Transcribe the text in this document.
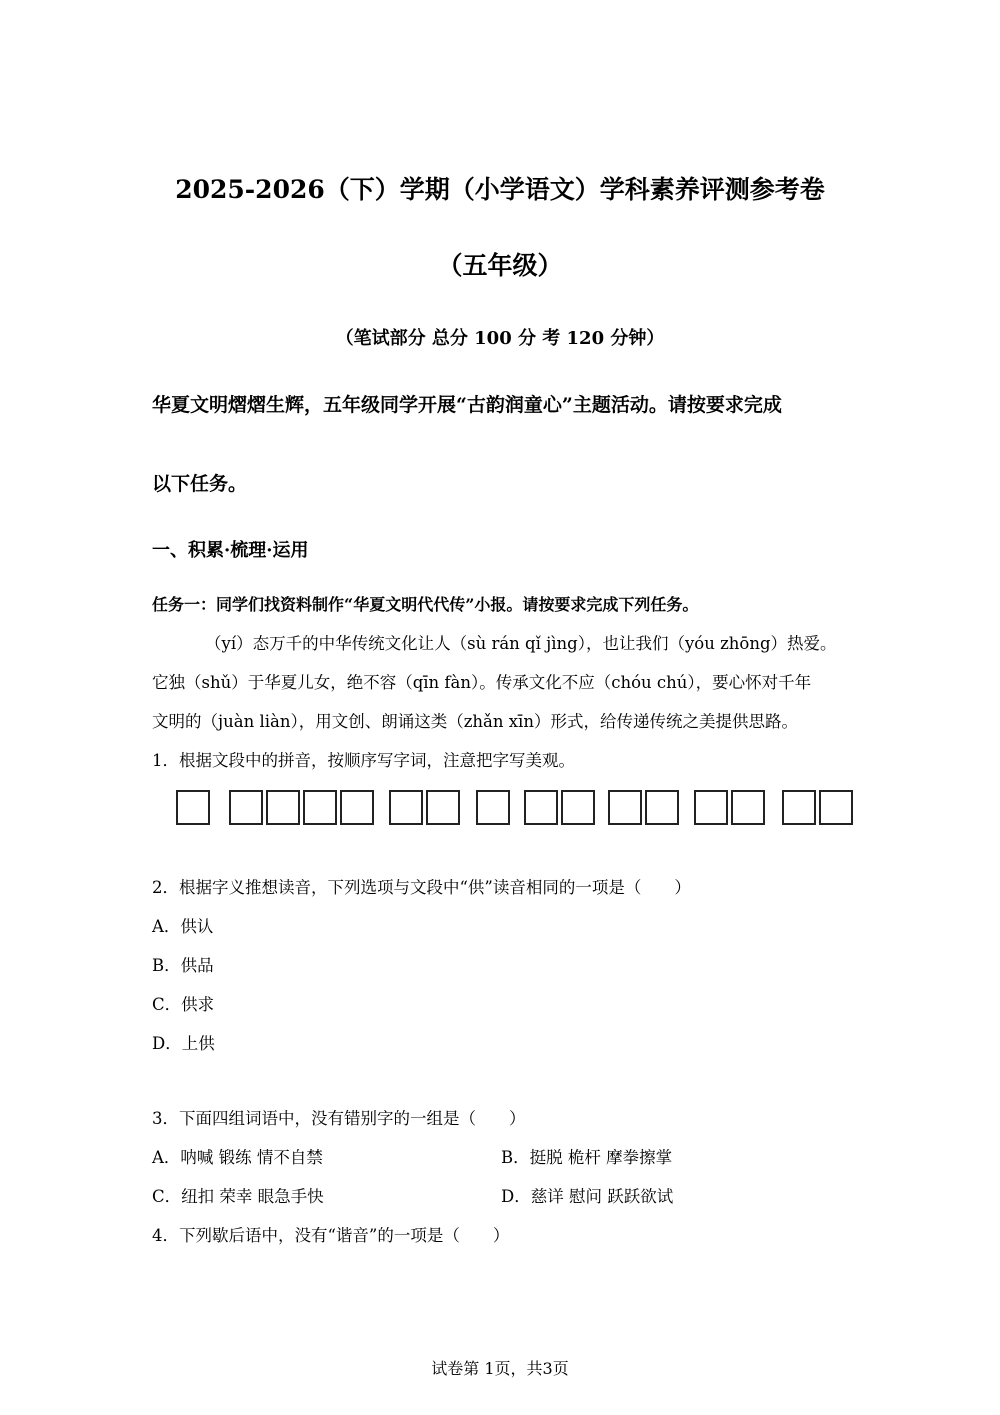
2025-2026（下）学期（小学语文）学科素养评测参考卷
（五年级）
（笔试部分 总分 100 分 考 120 分钟）
华夏文明熠熠生辉，五年级同学开展“古韵润童心”主题活动。请按要求完成
以下任务。
一、积累·梳理·运用
任务一：同学们找资料制作“华夏文明代代传”小报。请按要求完成下列任务。
（yí）态万千的中华传统文化让人（sù rán qǐ jìng），也让我们（yóu zhōng）热爱。
它独（shǔ）于华夏儿女，绝不容（qīn fàn）。传承文化不应（chóu chú），要心怀对千年
文明的（juàn liàn），用文创、朗诵这类（zhǎn xīn）形式，给传递传统之美提供思路。
1．根据文段中的拼音，按顺序写字词，注意把字写美观。
2．根据字义推想读音，下列选项与文段中“供”读音相同的一项是（　　）
A．供认
B．供品
C．供求
D．上供
3．下面四组词语中，没有错别字的一组是（　　）
A．呐喊 锻练 情不自禁	B．挺脱 桅杆 摩拳擦掌
C．纽扣 荣幸 眼急手快	D．慈详 慰问 跃跃欲试
4．下列歇后语中，没有“谐音”的一项是（　　）
试卷第 1页，共3页
